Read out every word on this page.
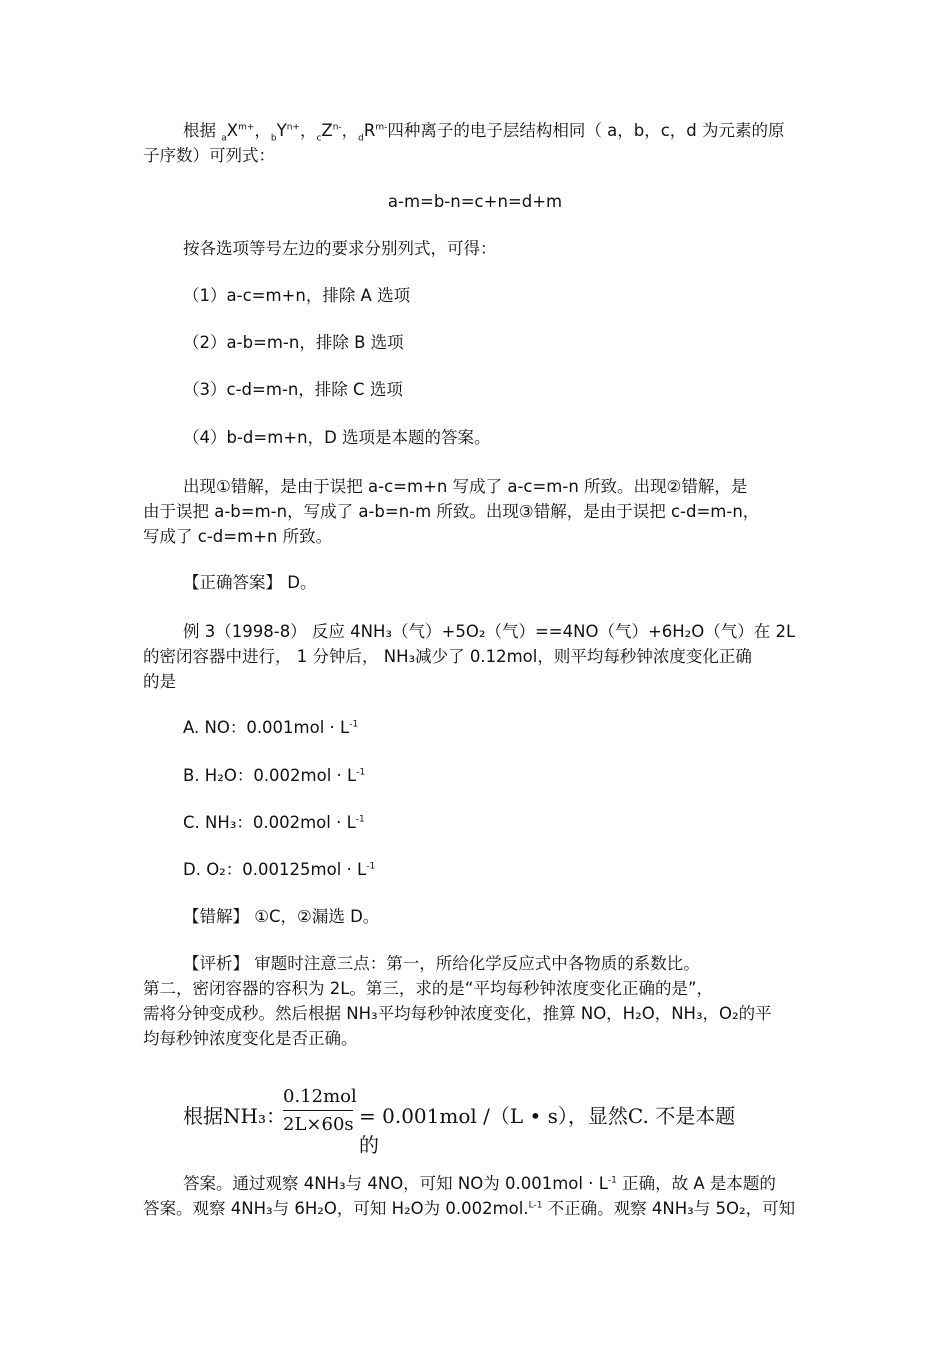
根据 $_aX^{m+}$，$_bY^{n+}$，$_cZ^{n-}$，$_dR^{m-}$四种离子的电子层结构相同（ a，b，c，d 为元素的原
子序数）可列式：
a-m=b-n=c+n=d+m
按各选项等号左边的要求分别列式，可得：
（1）a-c=m+n，排除 A 选项
（2）a-b=m-n，排除 B 选项
（3）c-d=m-n，排除 C 选项
（4）b-d=m+n，D 选项是本题的答案。
出现①错解，是由于误把 a-c=m+n 写成了 a-c=m-n 所致。出现②错解，是
由于误把 a-b=m-n，写成了 a-b=n-m 所致。出现③错解，是由于误把 c-d=m-n，
写成了 c-d=m+n 所致。
【正确答案】 D。
例 3（1998-8） 反应 4NH₃（气）+5O₂（气）==4NO（气）+6H₂O（气）在 2L
的密闭容器中进行， 1 分钟后， NH₃减少了 0.12mol，则平均每秒钟浓度变化正确
的是
A. NO：$0.001mol \cdot L^{-1}$
B. H₂O：$0.002mol \cdot L^{-1}$
C. NH₃：$0.002mol \cdot L^{-1}$
D. O₂：$0.00125mol \cdot L^{-1}$
【错解】 ①C，②漏选 D。
【评析】 审题时注意三点：第一，所给化学反应式中各物质的系数比。
第二，密闭容器的容积为 2L。第三，求的是“平均每秒钟浓度变化正确的是”，
需将分钟变成秒。然后根据 NH₃平均每秒钟浓度变化，推算 NO，H₂O，NH₃，O₂的平
均每秒钟浓度变化是否正确。
根据NH₃：
0.12mol
2L×60s = 0.001mol /（L • s），显然C. 不是本题的
答案。通过观察 4NH₃与 4NO，可知 NO为 $0.001mol \cdot L^{-1}$ 正确，故 A 是本题的
答案。观察 4NH₃与 6H₂O，可知 H₂O为 0.002mol.$^{L-1}$ 不正确。观察 4NH₃与 5O₂，可知
